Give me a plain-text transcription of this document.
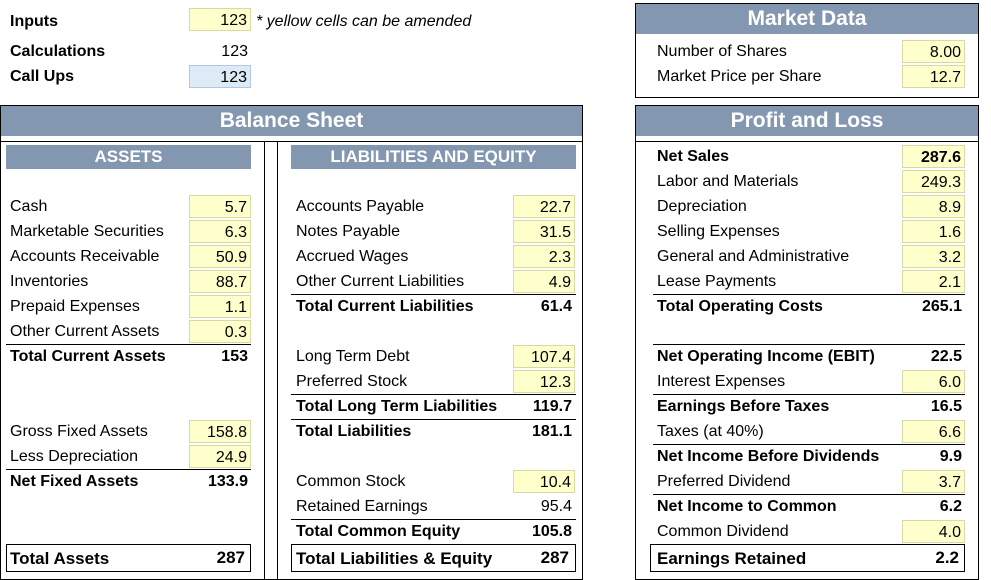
Inputs	123 * yellow cells can be amended
Calculations	123
Call Ups	123
Market Data
Number of Shares	8.00
Market Price per Share	12.7
Balance Sheet
ASSETS	LIABILITIES AND EQUITY
Cash	5.7
Marketable Securities	6.3
Accounts Receivable	50.9
Inventories	88.7
Prepaid Expenses	1.1
Other Current Assets	0.3
Total Current Assets	153
Gross Fixed Assets	158.8
Less Depreciation	24.9
Net Fixed Assets	133.9
Total Assets	287
Accounts Payable	22.7
Notes Payable	31.5
Accrued Wages	2.3
Other Current Liabilities	4.9
Total Current Liabilities	61.4
Long Term Debt	107.4
Preferred Stock	12.3
Total Long Term Liabilities	119.7
Total Liabilities	181.1
Common Stock	10.4
Retained Earnings	95.4
Total Common Equity	105.8
Total Liabilities & Equity	287
Profit and Loss
Net Sales	287.6
Labor and Materials	249.3
Depreciation	8.9
Selling Expenses	1.6
General and Administrative	3.2
Lease Payments	2.1
Total Operating Costs	265.1
Net Operating Income (EBIT)	22.5
Interest Expenses	6.0
Earnings Before Taxes	16.5
Taxes (at 40%)	6.6
Net Income Before Dividends	9.9
Preferred Dividend	3.7
Net Income to Common	6.2
Common Dividend	4.0
Earnings Retained	2.2
